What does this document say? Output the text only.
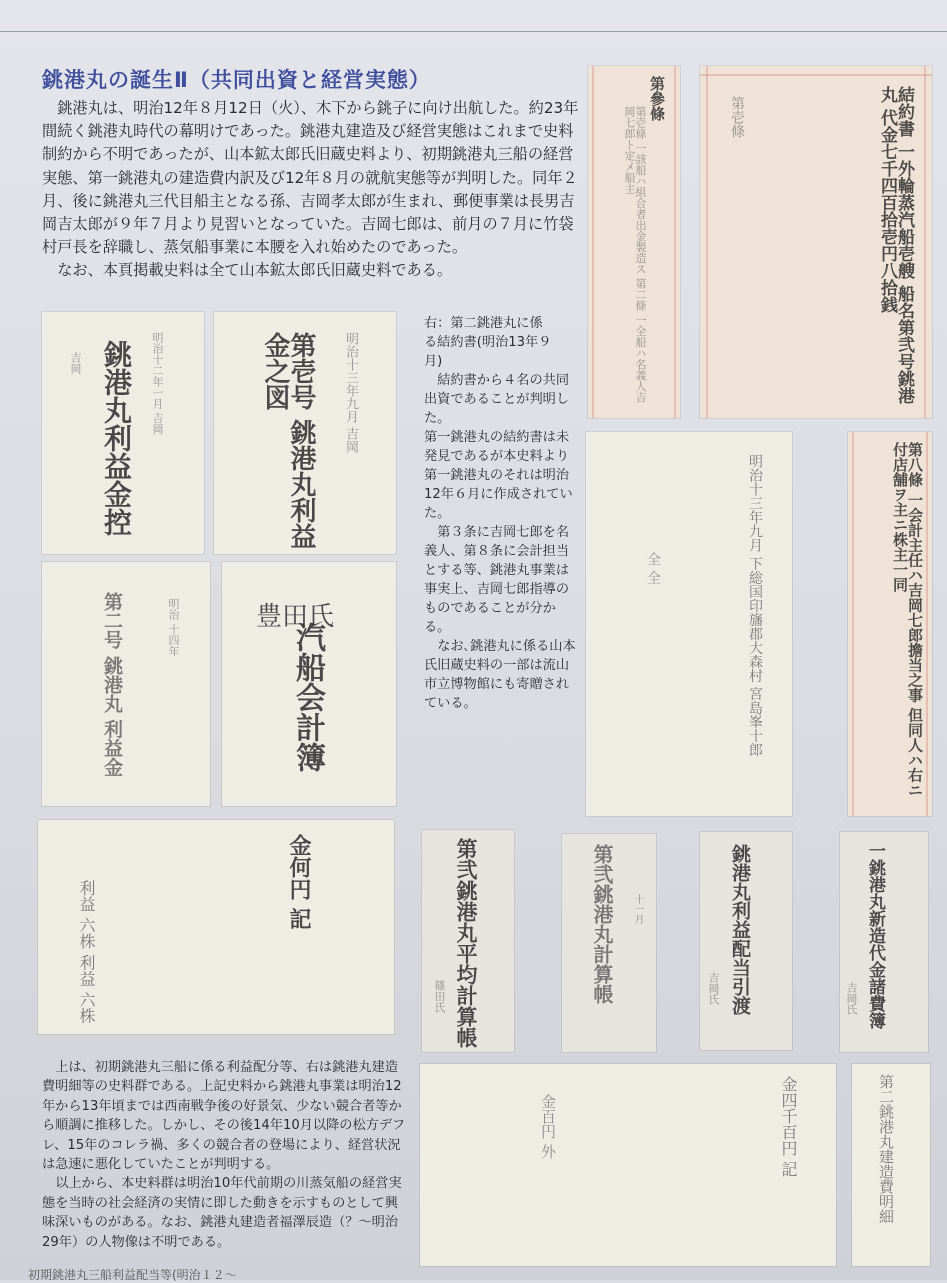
銚港丸の誕生Ⅱ（共同出資と経営実態）

銚港丸は、明治12年８月12日（火）、木下から銚子に向け出航した。約23年間続く銚港丸時代の幕明けであった。銚港丸建造及び経営実態はこれまで史料制約から不明であったが、山本鉱太郎氏旧蔵史料より、初期銚港丸三船の経営実態、第一銚港丸の建造費内訳及び12年８月の就航実態等が判明した。同年２月、後に銚港丸三代目船主となる孫、吉岡孝太郎が生まれ、郵便事業は長男吉岡吉太郎が９年７月より見習いとなっていた。吉岡七郎は、前月の７月に竹袋村戸長を辞職し、蒸気船事業に本腰を入れ始めたのであった。

なお、本頁掲載史料は全て山本鉱太郎氏旧蔵史料である。

第參條
第壱條 一該船ハ組合者出金製造ス 第二條 一全船ハ名義人吉岡七郎ト定メ船主	結約書 一外輪蒸汽船壱艘 船名第弐号銚港丸 代金七千四百拾壱円八拾銭
第壱條
銚港丸利益金控 明治十二年一月 吉岡
吉岡	第壱号 銚港丸利益金之図	明治十三年九月 吉岡
第二号 銚港丸 利益金	明治 十四年	汽船会計簿
豊田氏

右：第二銚港丸に係

る結約書(明治13年９

月)

結約書から４名の共同出資であることが判明した。

第一銚港丸の結約書は未発見であるが本史料より第一銚港丸のそれは明治12年６月に作成されていた。

第３条に吉岡七郎を名義人、第８条に会計担当とする等、銚港丸事業は事実上、吉岡七郎指導のものであることが分かる。

なお､銚港丸に係る山本氏旧蔵史料の一部は流山市立博物館にも寄贈されている。	明治十三年九月 下総国印旛郡大森村 宮島峯十郎
全 全	第八條 一会計主任ハ吉岡七郎擔当之事 但同人ハ右ニ付店舗ヲ主ニ株主一同
金何円 記
利益 六株 利益 六株	第弐銚港丸平均計算帳
篠田氏	第弐銚港丸計算帳 十一月	銚港丸利益配当引渡
吉岡氏	一銚港丸新造代金諸費簿
吉岡氏

上は、初期銚港丸三船に係る利益配分等、右は銚港丸建造費明細等の史料群である。上記史料から銚港丸事業は明治12年から13年頃までは西南戦争後の好景気、少ない競合者等から順調に推移した。しかし、その後14年10月以降の松方デフレ、15年のコレラ禍、多くの競合者の登場により、経営状況は急速に悪化していたことが判明する。

以上から、本史料群は明治10年代前期の川蒸気船の経営実態を当時の社会経済の実情に即した動きを示すものとして興味深いものがある。なお、銚港丸建造者福澤辰造（？～明治29年）の人物像は不明である。

金四千百円 記
金百円 外	第二銚港丸建造費明細
初期銚港丸三船利益配当等(明治１２～
